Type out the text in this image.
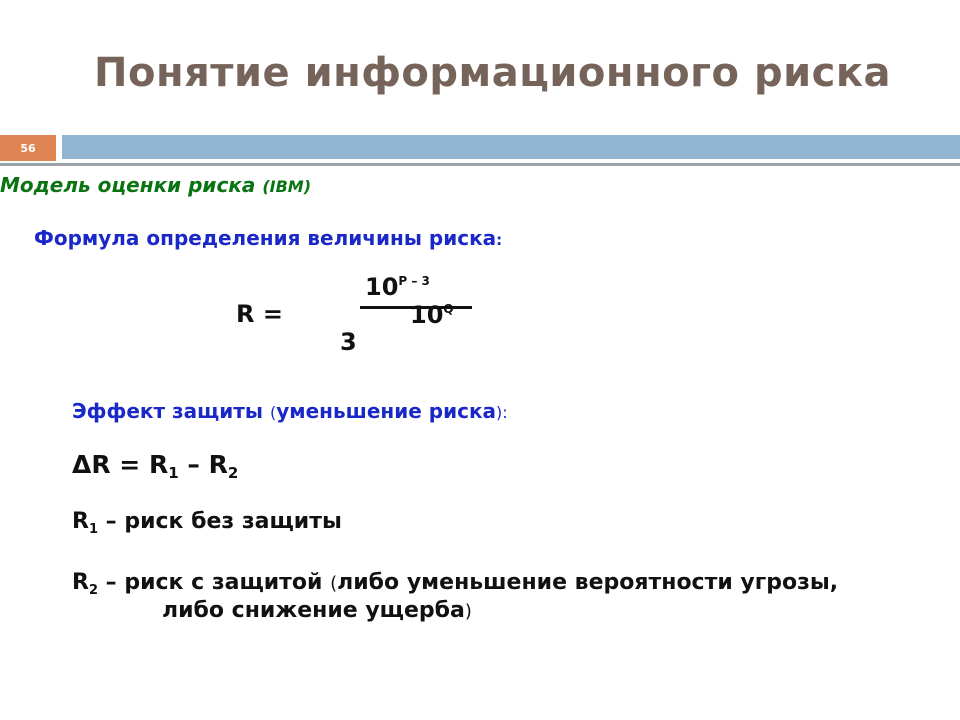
Понятие информационного риска
56
Модель оценки риска (IBM)
Формула определения величины риска:
R =
$10^{P - 3}$
$10^Q$
3
Эффект защиты (уменьшение риска):
$\Delta R = R_1 - R_2$
$R_1$ – риск без защиты
$R_2$ – риск с защитой (либо уменьшение вероятности угрозы,
либо снижение ущерба)
